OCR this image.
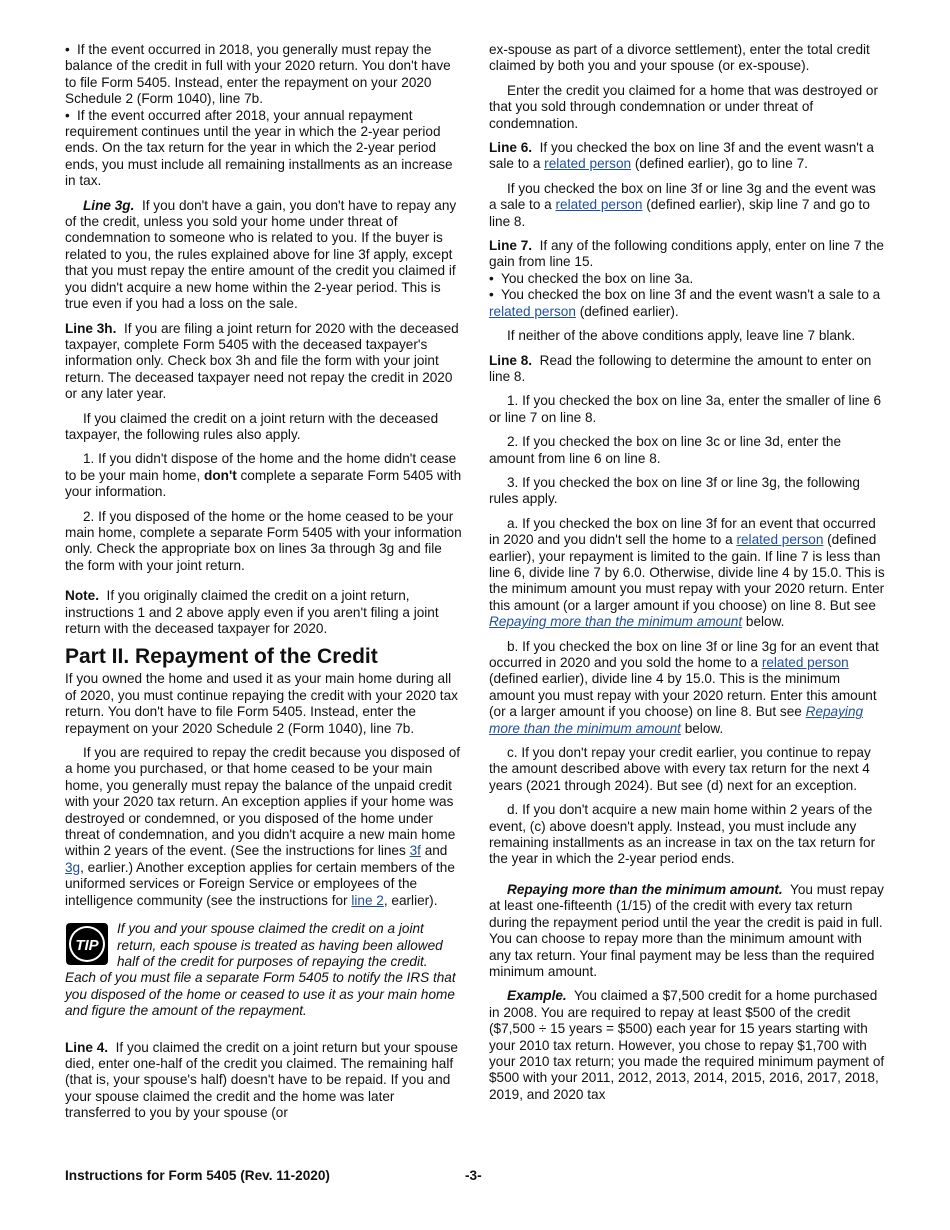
• If the event occurred in 2018, you generally must repay the balance of the credit in full with your 2020 return. You don't have to file Form 5405. Instead, enter the repayment on your 2020 Schedule 2 (Form 1040), line 7b.

• If the event occurred after 2018, your annual repayment requirement continues until the year in which the 2-year period ends. On the tax return for the year in which the 2-year period ends, you must include all remaining installments as an increase in tax.

Line 3g. If you don't have a gain, you don't have to repay any of the credit, unless you sold your home under threat of condemnation to someone who is related to you. If the buyer is related to you, the rules explained above for line 3f apply, except that you must repay the entire amount of the credit you claimed if you didn't acquire a new home within the 2-year period. This is true even if you had a loss on the sale.

Line 3h. If you are filing a joint return for 2020 with the deceased taxpayer, complete Form 5405 with the deceased taxpayer's information only. Check box 3h and file the form with your joint return. The deceased taxpayer need not repay the credit in 2020 or any later year.

If you claimed the credit on a joint return with the deceased taxpayer, the following rules also apply.

1. If you didn't dispose of the home and the home didn't cease to be your main home, don't complete a separate Form 5405 with your information.

2. If you disposed of the home or the home ceased to be your main home, complete a separate Form 5405 with your information only. Check the appropriate box on lines 3a through 3g and file the form with your joint return.

Note. If you originally claimed the credit on a joint return, instructions 1 and 2 above apply even if you aren't filing a joint return with the deceased taxpayer for 2020.

Part II. Repayment of the Credit

If you owned the home and used it as your main home during all of 2020, you must continue repaying the credit with your 2020 tax return. You don't have to file Form 5405. Instead, enter the repayment on your 2020 Schedule 2 (Form 1040), line 7b.

If you are required to repay the credit because you disposed of a home you purchased, or that home ceased to be your main home, you generally must repay the balance of the unpaid credit with your 2020 tax return. An exception applies if your home was destroyed or condemned, or you disposed of the home under threat of condemnation, and you didn't acquire a new main home within 2 years of the event. (See the instructions for lines 3f and 3g, earlier.) Another exception applies for certain members of the uniformed services or Foreign Service or employees of the intelligence community (see the instructions for line 2, earlier).

TIP
If you and your spouse claimed the credit on a joint return, each spouse is treated as having been allowed half of the credit for purposes of repaying the credit. Each of you must file a separate Form 5405 to notify the IRS that you disposed of the home or ceased to use it as your main home and figure the amount of the repayment.

Line 4. If you claimed the credit on a joint return but your spouse died, enter one-half of the credit you claimed. The remaining half (that is, your spouse's half) doesn't have to be repaid. If you and your spouse claimed the credit and the home was later transferred to you by your spouse (or

ex-spouse as part of a divorce settlement), enter the total credit claimed by both you and your spouse (or ex-spouse).

Enter the credit you claimed for a home that was destroyed or that you sold through condemnation or under threat of condemnation.

Line 6. If you checked the box on line 3f and the event wasn't a sale to a related person (defined earlier), go to line 7.

If you checked the box on line 3f or line 3g and the event was a sale to a related person (defined earlier), skip line 7 and go to line 8.

Line 7. If any of the following conditions apply, enter on line 7 the gain from line 15.

• You checked the box on line 3a.

• You checked the box on line 3f and the event wasn't a sale to a related person (defined earlier).

If neither of the above conditions apply, leave line 7 blank.

Line 8. Read the following to determine the amount to enter on line 8.

1. If you checked the box on line 3a, enter the smaller of line 6 or line 7 on line 8.

2. If you checked the box on line 3c or line 3d, enter the amount from line 6 on line 8.

3. If you checked the box on line 3f or line 3g, the following rules apply.

a. If you checked the box on line 3f for an event that occurred in 2020 and you didn't sell the home to a related person (defined earlier), your repayment is limited to the gain. If line 7 is less than line 6, divide line 7 by 6.0. Otherwise, divide line 4 by 15.0. This is the minimum amount you must repay with your 2020 return. Enter this amount (or a larger amount if you choose) on line 8. But see Repaying more than the minimum amount below.

b. If you checked the box on line 3f or line 3g for an event that occurred in 2020 and you sold the home to a related person (defined earlier), divide line 4 by 15.0. This is the minimum amount you must repay with your 2020 return. Enter this amount (or a larger amount if you choose) on line 8. But see Repaying more than the minimum amount below.

c. If you don't repay your credit earlier, you continue to repay the amount described above with every tax return for the next 4 years (2021 through 2024). But see (d) next for an exception.

d. If you don't acquire a new main home within 2 years of the event, (c) above doesn't apply. Instead, you must include any remaining installments as an increase in tax on the tax return for the year in which the 2-year period ends.

Repaying more than the minimum amount. You must repay at least one-fifteenth (1/15) of the credit with every tax return during the repayment period until the year the credit is paid in full. You can choose to repay more than the minimum amount with any tax return. Your final payment may be less than the required minimum amount.

Example. You claimed a $7,500 credit for a home purchased in 2008. You are required to repay at least $500 of the credit ($7,500 ÷ 15 years = $500) each year for 15 years starting with your 2010 tax return. However, you chose to repay $1,700 with your 2010 tax return; you made the required minimum payment of $500 with your 2011, 2012, 2013, 2014, 2015, 2016, 2017, 2018, 2019, and 2020 tax

Instructions for Form 5405 (Rev. 11-2020)	-3-
